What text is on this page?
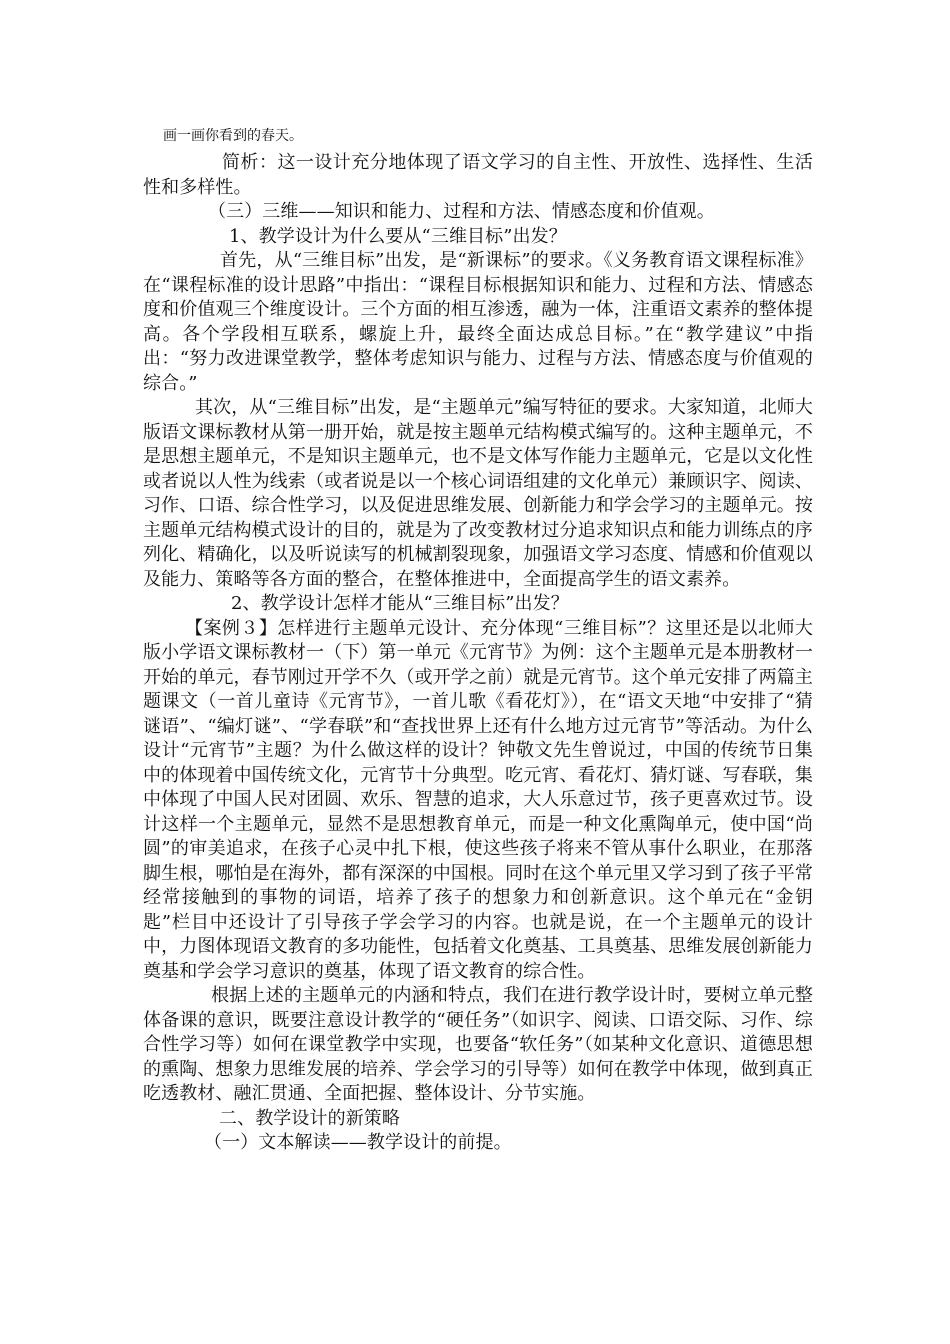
画一画你看到的春天。

简析：这一设计充分地体现了语文学习的自主性、开放性、选择性、生活性和多样性。

（三）三维——知识和能力、过程和方法、情感态度和价值观。

1、教学设计为什么要从“三维目标”出发？

首先，从“三维目标”出发，是“新课标”的要求。《义务教育语文课程标准》在“课程标准的设计思路”中指出：“课程目标根据知识和能力、过程和方法、情感态度和价值观三个维度设计。三个方面的相互渗透，融为一体，注重语文素养的整体提高。各个学段相互联系，螺旋上升，最终全面达成总目标。”在“教学建议”中指出：“努力改进课堂教学，整体考虑知识与能力、过程与方法、情感态度与价值观的综合。”

其次，从“三维目标”出发，是“主题单元”编写特征的要求。大家知道，北师大版语文课标教材从第一册开始，就是按主题单元结构模式编写的。这种主题单元，不是思想主题单元，不是知识主题单元，也不是文体写作能力主题单元，它是以文化性或者说以人性为线索（或者说是以一个核心词语组建的文化单元）兼顾识字、阅读、习作、口语、综合性学习，以及促进思维发展、创新能力和学会学习的主题单元。按主题单元结构模式设计的目的，就是为了改变教材过分追求知识点和能力训练点的序列化、精确化，以及听说读写的机械割裂现象，加强语文学习态度、情感和价值观以及能力、策略等各方面的整合，在整体推进中，全面提高学生的语文素养。

2、教学设计怎样才能从“三维目标”出发？

【案例３】怎样进行主题单元设计、充分体现“三维目标”？这里还是以北师大版小学语文课标教材一（下）第一单元《元宵节》为例：这个主题单元是本册教材一开始的单元，春节刚过开学不久（或开学之前）就是元宵节。这个单元安排了两篇主题课文（一首儿童诗《元宵节》，一首儿歌《看花灯》），在“语文天地“中安排了“猜谜语”、“编灯谜”、“学春联”和“查找世界上还有什么地方过元宵节”等活动。为什么设计“元宵节”主题？为什么做这样的设计？钟敬文先生曾说过，中国的传统节日集中的体现着中国传统文化，元宵节十分典型。吃元宵、看花灯、猜灯谜、写春联，集中体现了中国人民对团圆、欢乐、智慧的追求，大人乐意过节，孩子更喜欢过节。设计这样一个主题单元，显然不是思想教育单元，而是一种文化熏陶单元，使中国“尚圆”的审美追求，在孩子心灵中扎下根，使这些孩子将来不管从事什么职业，在那落脚生根，哪怕是在海外，都有深深的中国根。同时在这个单元里又学习到了孩子平常经常接触到的事物的词语，培养了孩子的想象力和创新意识。这个单元在“金钥匙”栏目中还设计了引导孩子学会学习的内容。也就是说，在一个主题单元的设计中，力图体现语文教育的多功能性，包括着文化奠基、工具奠基、思维发展创新能力奠基和学会学习意识的奠基，体现了语文教育的综合性。

根据上述的主题单元的内涵和特点，我们在进行教学设计时，要树立单元整体备课的意识，既要注意设计教学的“硬任务”（如识字、阅读、口语交际、习作、综合性学习等）如何在课堂教学中实现，也要备“软任务”（如某种文化意识、道德思想的熏陶、想象力思维发展的培养、学会学习的引导等）如何在教学中体现，做到真正吃透教材、融汇贯通、全面把握、整体设计、分节实施。

二、教学设计的新策略

（一）文本解读——教学设计的前提。
